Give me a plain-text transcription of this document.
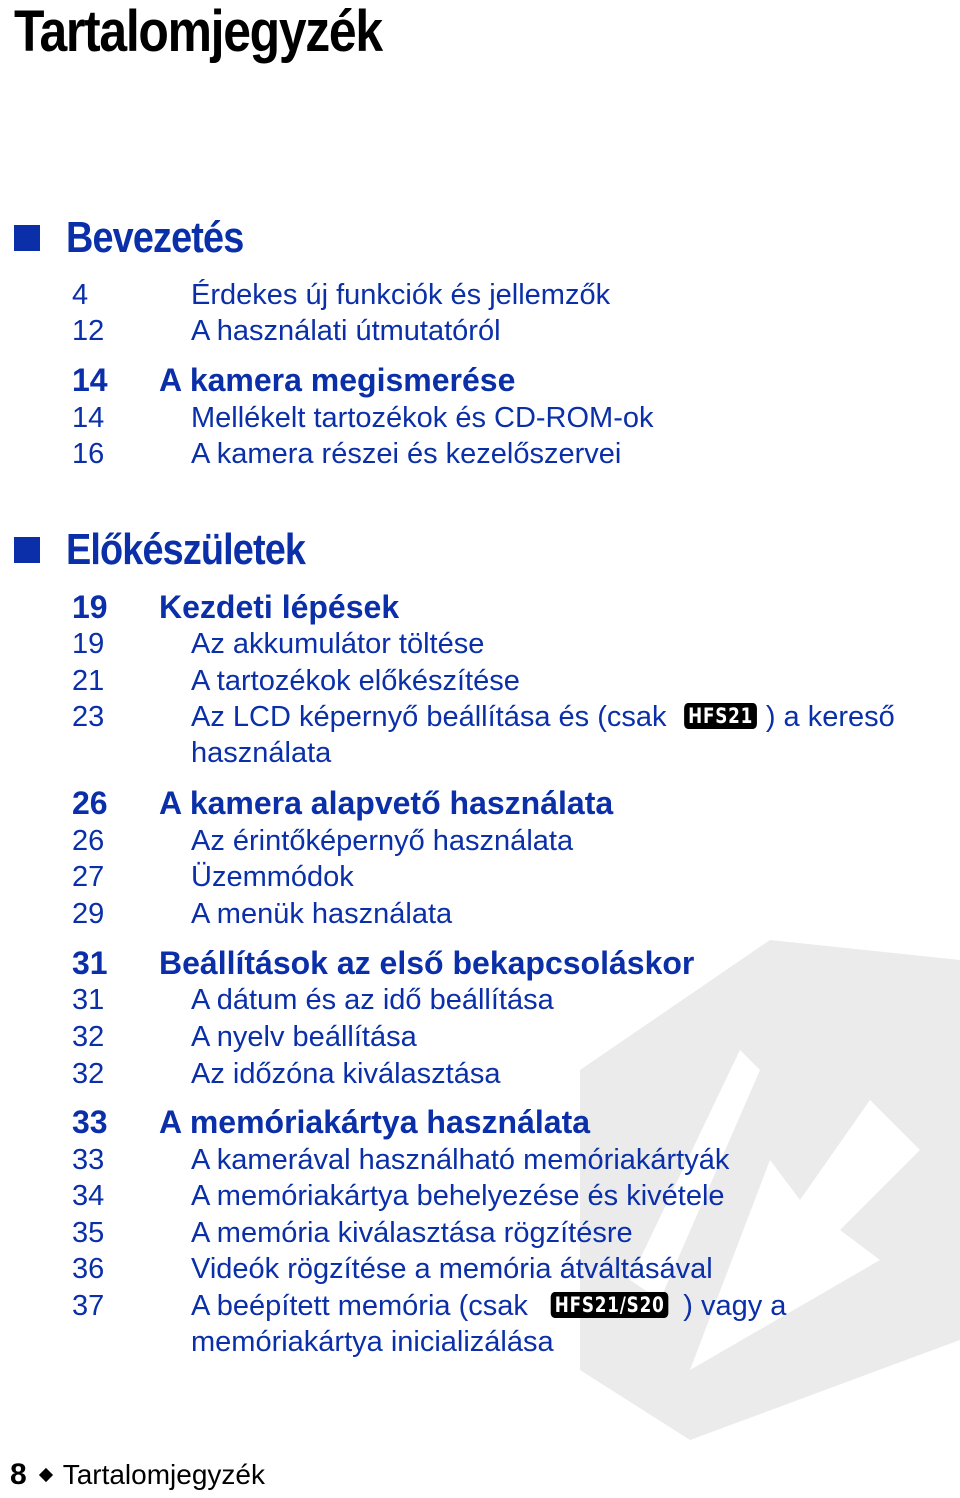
Tartalomjegyzék
Bevezetés
4	Érdekes új funkciók és jellemzők
12	A használati útmutatóról
14 A kamera megismerése
14	Mellékelt tartozékok és CD-ROM-ok
16	A kamera részei és kezelőszervei
Előkészületek
19 Kezdeti lépések
19	Az akkumulátor töltése
21	A tartozékok előkészítése
23	Az LCD képernyő beállítása és (csak HFS21 ) a kereső
használata
26 A kamera alapvető használata
26	Az érintőképernyő használata
27	Üzemmódok
29	A menük használata
31 Beállítások az első bekapcsoláskor
31	A dátum és az idő beállítása
32	A nyelv beállítása
32	Az időzóna kiválasztása
33 A memóriakártya használata
33	A kamerával használható memóriakártyák
34	A memóriakártya behelyezése és kivétele
35	A memória kiválasztása rögzítésre
36	Videók rögzítése a memória átváltásával
37	A beépített memória (csak HFS21/S20 ) vagy a
memóriakártya inicializálása
8 Tartalomjegyzék
